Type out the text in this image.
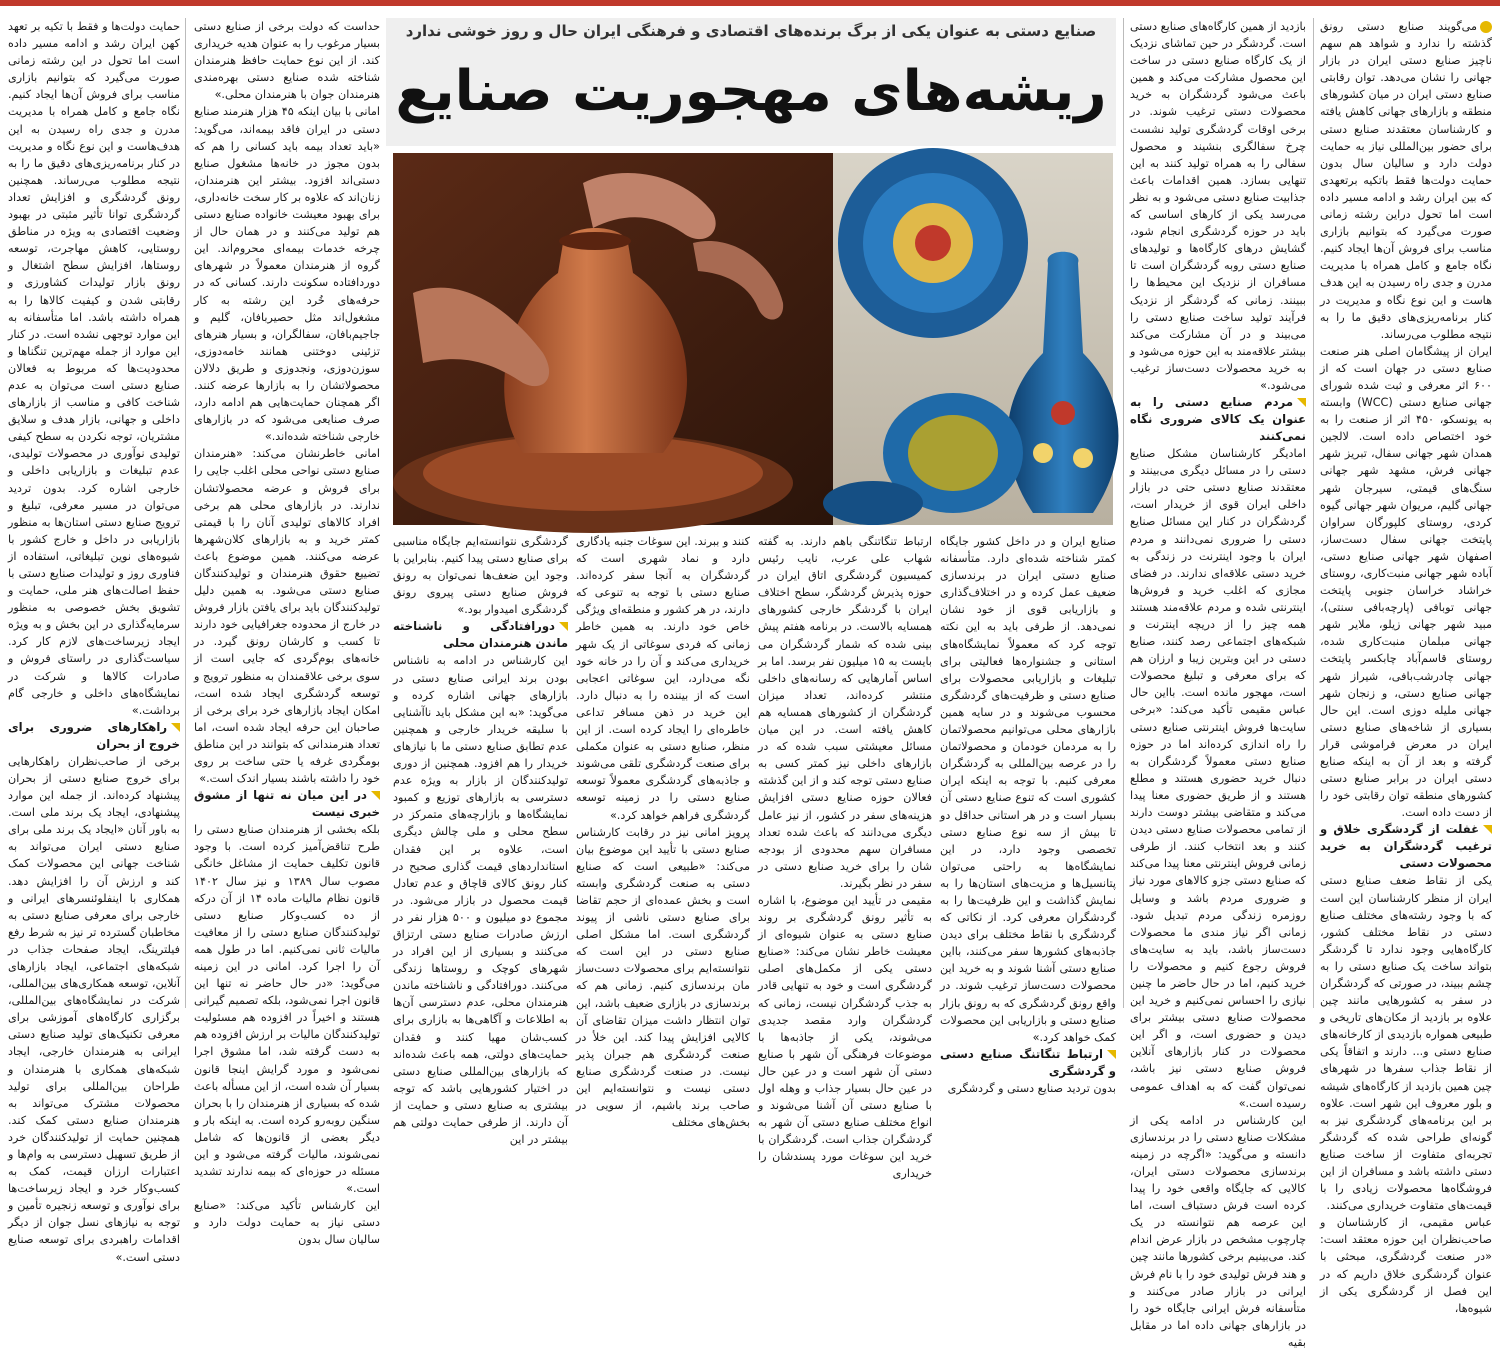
صنایع دستی به عنوان یکی از برگ برنده‌های اقتصادی و فرهنگی ایران حال و روز خوشی ندارد
ریشه‌های مهجوریت صنایع

می‌گویند صنایع دستی رونق گذشته را ندارد و شواهد هم سهم ناچیز صنایع دستی ایران در بازار جهانی را نشان می‌دهد. توان رقابتی صنایع دستی ایران در میان کشورهای منطقه و بازارهای جهانی کاهش یافته و کارشناسان معتقدند صنایع دستی برای حضور بین‌المللی نیاز به حمایت دولت دارد و سالیان سال بدون حمایت دولت‌ها فقط باتکیه برتعهدی که بین ایران رشد و ادامه مسیر داده است اما تحول دراین رشته زمانی صورت می‌گیرد که بتوانیم بازاری مناسب برای فروش آن‌ها ایجاد کنیم. نگاه جامع و کامل همراه با مدیریت مدرن و جدی راه رسیدن به این هدف هاست و این نوع نگاه و مدیریت در کنار برنامه‌ریزی‌های دقیق ما را به نتیجه مطلوب می‌رساند.

ایران از پیشگامان اصلی هنر صنعت صنایع دستی در جهان است که از ۶۰۰ اثر معرفی و ثبت شده شورای جهانی صنایع دستی (WCC) وابسته به یونسکو، ۴۵۰ اثر از صنعت را به خود اختصاص داده است. لالجین همدان شهر جهانی سفال، تبریز شهر جهانی فرش، مشهد شهر جهانی سنگ‌های قیمتی، سیرجان شهر جهانی گلیم، مریوان شهر جهانی گیوه کردی، روستای کلپورگان سراوان پایتخت جهانی سفال دست‌ساز، اصفهان شهر جهانی صنایع دستی، آباده شهر جهانی منبت‌کاری، روستای خراشاد خراسان جنوبی پایتخت جهانی توبافی (پارچه‌بافی سنتی)، مبید شهر جهانی زیلو، ملایر شهر جهانی مبلمان منبت‌کاری شده، روستای قاسم‌آباد چابکسر پایتخت جهانی چادرشب‌بافی، شیراز شهر جهانی صنایع دستی، و زنجان شهر جهانی ملیله دوزی است. این حال بسیاری از شاخه‌های صنایع دستی ایران در معرض فراموشی قرار گرفته و بعد از آن به اینکه صنایع دستی ایران در برابر صنایع دستی کشورهای منطقه توان رقابتی خود را از دست داده است.

غفلت از گردشگری خلاق و ترغیب گردشگران به خرید محصولات دستی

یکی از نقاط ضعف صنایع دستی ایران از منظر کارشناسان این است که با وجود رشته‌های مختلف صنایع دستی در نقاط مختلف کشور، کارگاه‌هایی وجود ندارد تا گردشگر بتواند ساخت یک صنایع دستی را به چشم ببیند، در صورتی که گردشگران در سفر به کشورهایی مانند چین علاوه بر بازدید از مکان‌های تاریخی و طبیعی همواره بازدیدی از کارخانه‌های صنایع دستی و... دارند و اتفاقاً یکی از نقاط جذاب سفرها در شهرهای چین همین بازدید از کارگاه‌های شیشه و بلور معروف این شهر است. علاوه بر این برنامه‌های گردشگری نیز به گونه‌ای طراحی شده که گردشگر تجربه‌ای متفاوت از ساخت صنایع دستی داشته باشد و مسافران از این فروشگاه‌ها محصولات زیادی را با قیمت‌های متفاوت خریداری می‌کنند.

عباس مقیمی، از کارشناسان و صاحب‌نظران این حوزه معتقد است: «در صنعت گردشگری، مبحثی با عنوان گردشگری خلاق داریم که در این فصل از گردشگری یکی از شیوه‌ها،

بازدید از همین کارگاه‌های صنایع دستی است. گردشگر در حین تماشای نزدیک از یک کارگاه صنایع دستی در ساخت این محصول مشارکت می‌کند و همین باعث می‌شود گردشگران به خرید محصولات دستی ترغیب شوند. در برخی اوقات گردشگری تولید نشست چرخ سفالگری بنشیند و محصول سفالی را به همراه تولید کنند به این تنهایی بسازد. همین اقدامات باعث جذابیت صنایع دستی می‌شود و به نظر می‌رسد یکی از کارهای اساسی که باید در حوزه گردشگری انجام شود، گشایش درهای کارگاه‌ها و تولیدهای صنایع دستی روبه گردشگران است تا مسافران از نزدیک این محیط‌ها را ببینند. زمانی که گردشگر از نزدیک فرآیند تولید ساخت صنایع دستی را می‌بیند و در آن مشارکت می‌کند بیشتر علاقه‌مند به این حوزه می‌شود و به خرید محصولات دست‌ساز ترغیب می‌شود.»

مردم صنایع دستی را به عنوان یک کالای ضروری نگاه نمی‌کنند

امادیگر کارشناسان مشکل صنایع دستی را در مسائل دیگری می‌بینند و معتقدند صنایع دستی حتی در بازار داخلی ایران قوی از خریدار است، گردشگران در کنار این مسائل صنایع دستی را ضروری نمی‌دانند و مردم ایران با وجود اینترنت در زندگی به خرید دستی علاقه‌ای ندارند. در فضای مجازی که اغلب خرید و فروش‌ها اینترنتی شده و مردم علاقه‌مند هستند همه چیز را از دریچه اینترنت و شبکه‌های اجتماعی رصد کنند، صنایع دستی در این وبترین زیبا و ارزان هم که برای معرفی و تبلیغ محصولات است، مهجور مانده است. بااین حال عباس مقیمی تأکید می‌کند: «برخی سایت‌ها فروش اینترنتی صنایع دستی را راه اندازی کرده‌اند اما در حوزه صنایع دستی معمولاً گردشگران به دنبال خرید حضوری هستند و مطلع هستند و از طریق حضوری معنا پیدا می‌کند و متقاضی بیشتر دوست دارند از تمامی محصولات صنایع دستی دیدن کنند و بعد انتخاب کنند. از طرفی زمانی فروش اینترنتی معنا پیدا می‌کند که صنایع دستی جزو کالاهای مورد نیاز و ضروری مردم باشد و وسایل روزمره زندگی مردم تبدیل شود. زمانی اگر نیاز مندی ما محصولات دست‌ساز باشد، باید به سایت‌های فروش رجوع کنیم و محصولات را خرید کنیم، اما در حال حاضر ما چنین نیازی را احساس نمی‌کنیم و خرید این محصولات صنایع دستی بیشتر برای دیدن و حضوری است، و اگر این محصولات در کنار بازارهای آنلاین فروش صنایع دستی نیز باشد، نمی‌توان گفت که به اهداف عمومی رسیده است.»

این کارشناس در ادامه یکی از مشکلات صنایع دستی را در برندسازی دانسته و می‌گوید: «اگرچه در زمینه برندسازی محصولات دستی ایران، کالایی که جایگاه واقعی خود را پیدا کرده است فرش دستباف است، اما این عرصه هم نتوانسته در یک چارچوب مشخص در بازار عرض اندام کند. می‌بینیم برخی کشورها مانند چین و هند فرش تولیدی خود را با نام فرش ایرانی در بازار صادر می‌کنند و متأسفانه فرش ایرانی جایگاه خود را در بازارهای جهانی داده اما در مقابل بقیه

صنایع ایران و در داخل کشور جایگاه کمتر شناخته شده‌ای دارد. متأسفانه صنایع دستی ایران در برندسازی ضعیف عمل کرده و در اختلاف‌گذاری و بازاریابی قوی از خود نشان نمی‌دهد. از طرفی باید به این نکته توجه کرد که معمولاً نمایشگاه‌های استانی و جشنواره‌ها فعالیتی برای تبلیغات و بازاریابی محصولات برای صنایع دستی و ظرفیت‌های گردشگری محسوب می‌شوند و در سایه همین بازارهای محلی می‌توانیم محصولاتمان را به مردمان خودمان و محصولاتمان را در عرصه بین‌المللی به گردشگران معرفی کنیم. با توجه به اینکه ایران کشوری است که تنوع صنایع دستی آن بسیار است و در هر استانی حداقل دو تا بیش از سه نوع صنایع دستی تخصصی وجود دارد، در این نمایشگاه‌ها به راحتی می‌توان پتانسیل‌ها و مزیت‌های استان‌ها را به نمایش گذاشت و این ظرفیت‌ها را به گردشگران معرفی کرد. از نکاتی که گردشگری با نقاط مختلف برای دیدن جاذبه‌های کشورها سفر می‌کنند، بااین صنایع دستی آشنا شوند و به خرید این محصولات دست‌ساز ترغیب شوند. در واقع رونق گردشگری که به رونق بازار صنایع دستی و بازاریابی این محصولات کمک خواهد کرد.»

ارتباط تنگاتنگ صنایع دستی و گردشگری

بدون تردید صنایع دستی و گردشگری

ارتباط تنگاتنگی باهم دارند. به گفته شهاب علی عرب، نایب رئیس کمیسیون گردشگری اتاق ایران در حوزه پذیرش گردشگر، سطح اختلاف ایران با گردشگر خارجی کشورهای همسایه بالاست. در برنامه هفتم پیش بینی شده که شمار گردشگران می بایست به ۱۵ میلیون نفر برسد. اما بر اساس آمارهایی که رسانه‌های داخلی منتشر کرده‌اند، تعداد میزان گردشگران از کشورهای همسایه هم کاهش یافته است. در این میان مسائل معیشتی سبب شده که در بازارهای داخلی نیز کمتر کسی به صنایع دستی توجه کند و از این گذشته فعالان حوزه صنایع دستی افزایش هزینه‌های سفر در کشور، از نیز عامل دیگری می‌دانند که باعث شده تعداد مسافران سهم محدودی از بودجه شان را برای خرید صنایع دستی در سفر در نظر بگیرند.

مقیمی در تأیید این موضوع، با اشاره به تأثیر رونق گردشگری بر روند صنایع دستی به عنوان شیوه‌ای از معیشت خاطر نشان می‌کند: «صنایع دستی یکی از مکمل‌های اصلی گردشگری است و خود به تنهایی قادر به جذب گردشگران نیست، زمانی که گردشگران وارد مقصد جدیدی می‌شوند، یکی از جاذبه‌ها با موضوعات فرهنگی آن شهر با صنایع دستی آن شهر است و در عین حال در عین حال بسیار جذاب و وهله اول با صنایع دستی آن آشنا می‌شوند و انواع مختلف صنایع دستی آن شهر به گردشگران جذاب است. گردشگران با خرید این سوغات مورد پسندشان را خریداری

کنند و ببرند. این سوغات جنبه یادگاری دارد و نماد شهری است که گردشگران به آنجا سفر کرده‌اند. صنایع دستی با توجه به تنوعی که دارند، در هر کشور و منطقه‌ای ویژگی خاص خود دارند. به همین خاطر زمانی که فردی سوغاتی از یک شهر خریداری می‌کند و آن را در خانه خود نگه می‌دارد، این سوغاتی اعجابی است که از بیننده را به دنبال دارد. این خرید در ذهن مسافر تداعی خاطره‌ای را ایجاد کرده است. از این منظر، صنایع دستی به عنوان مکملی برای صنعت گردشگری تلقی می‌شوند و جاذبه‌های گردشگری معمولاً توسعه صنایع دستی را در زمینه توسعه گردشگری فراهم خواهد کرد.»

پرویز امانی نیز در رقابت کارشناس صنایع دستی با تأیید این موضوع بیان می‌کند: «طبیعی است که صنایع دستی به صنعت گردشگری وابسته است و بخش عمده‌ای از حجم تقاضا برای صنایع دستی ناشی از پیوند گردشگری است. اما مشکل اصلی صنایع دستی در این است که نتوانسته‌ایم برای محصولات دست‌ساز مان برندسازی کنیم. زمانی هم که برندسازی در بازاری ضعیف باشد، این توان انتظار داشت میزان تقاضای آن کالایی افزایش پیدا کند. این خلأ در صنعت گردشگری هم جبران پذیر نیست. در صنعت گردشگری صنایع دستی نیست و نتوانسته‌ایم این صاحب برند باشیم، از سویی در بخش‌های مختلف

گردشگری نتوانسته‌ایم جایگاه مناسبی برای صنایع دستی پیدا کنیم. بنابراین با وجود این ضعف‌ها نمی‌توان به رونق فروش صنایع دستی پیروی رونق گردشگری امیدوار بود.»

دورافتادگی و ناشناخته ماندن هنرمندان محلی

این کارشناس در ادامه به ناشناس بودن برند ایرانی صنایع دستی در بازارهای جهانی اشاره کرده و می‌گوید: «به این مشکل باید ناآشنایی با سلیقه خریدار خارجی و همچنین عدم تطابق صنایع دستی ما با نیازهای خریدار را هم افزود. همچنین از دوری تولیدکنندگان از بازار به ویژه عدم دسترسی به بازارهای توزیع و کمبود نمایشگاه‌ها و بازارچه‌های متمرکز در سطح محلی و ملی چالش دیگری است، علاوه بر این فقدان استانداردهای قیمت گذاری صحیح در کنار رونق کالای قاچاق و عدم تعادل قیمت محصول در بازار می‌شود. در مجموع دو میلیون و ۵۰۰ هزار نفر در ارزش صادرات صنایع دستی ارتزاق می‌کنند و بسیاری از این افراد در شهرهای کوچک و روستاها زندگی می‌کنند. دورافتادگی و ناشناخته ماندن هنرمندان محلی، عدم دسترسی آن‌ها به اطلاعات و آگاهی‌ها به بازاری برای کسب‌شان مهیا کنند و فقدان حمایت‌های دولتی، همه باعث شده‌اند که بازارهای بین‌المللی صنایع دستی در اختیار کشورهایی باشد که توجه بیشتری به صنایع دستی و حمایت از آن دارند. از طرفی حمایت دولتی هم بیشتر در این

حداست که دولت برخی از صنایع دستی بسیار مرغوب را به عنوان هدیه خریداری کند. از این نوع حمایت حافظ هنرمندان شناخته شده صنایع دستی بهره‌مندی هنرمندان جوان با هنرمندان محلی.»

امانی با بیان اینکه ۴۵ هزار هنرمند صنایع دستی در ایران فاقد بیمه‌اند، می‌گوید: «باید تعداد بیمه باید کسانی را هم که بدون مجوز در خانه‌ها مشغول صنایع دستی‌اند افزود. بیشتر این هنرمندان، زنان‌اند که علاوه بر کار سخت خانه‌داری، برای بهبود معیشت خانواده صنایع دستی هم تولید می‌کنند و در همان حال از چرخه خدمات بیمه‌ای محروم‌اند. این گروه از هنرمندان معمولاً در شهرهای دوردافتاده سکونت دارند. کسانی که در حرفه‌های خُرد این رشته به کار مشغول‌اند مثل حصیربافان، گلیم و جاجیم‌بافان، سفالگران، و بسیار هنرهای تزئینی دوختنی همانند خامه‌دوزی، سوزن‌دوزی، ونجدوزی و طریق دلالان محصولاتشان را به بازارها عرضه کنند. اگر همچنان حمایت‌هایی هم ادامه دارد، صرف صنایعی می‌شود که در بازارهای خارجی شناخته شده‌اند.»

امانی خاطرنشان می‌کند: «هنرمندان صنایع دستی نواحی محلی اغلب جایی را برای فروش و عرضه محصولاتشان ندارند. در بازارهای محلی هم برخی افراد کالاهای تولیدی آنان را با قیمتی کمتر خرید و به بازارهای کلان‌شهرها عرضه می‌کنند. همین موضوع باعث تضییع حقوق هنرمندان و تولیدکنندگان صنایع دستی می‌شود. به همین دلیل تولیدکنندگان باید برای یافتن بازار فروش در خارج از محدوده جغرافیایی خود دارند تا کسب و کارشان رونق گیرد. در خانه‌های بوم‌گردی که جایی است از سوی برخی علاقمندان به منظور ترویج و توسعه گردشگری ایجاد شده است، امکان ایجاد بازارهای خرد برای برخی از صاحبان این حرفه ایجاد شده است، اما تعداد هنرمندانی که بتوانند در این مناطق بومگردی غرفه یا حتی ساخت بر روی خود را داشته باشند بسیار اندک است.»

در این میان نه تنها از مشوق خبری نیست

بلکه بخشی از هنرمندان صنایع دستی را طرح تناقض‌آمیز کرده است. با وجود قانون تکلیف حمایت از مشاغل خانگی مصوب سال ۱۳۸۹ و نیز سال ۱۴۰۲ قانون نظام مالیات ماده ۱۴ از آن درکه از ده کسب‌وکار صنایع دستی تولیدکنندگان صنایع دستی را از معافیت مالیات ثانی نمی‌کنیم. اما در طول همه آن را اجرا کرد. امانی در این زمینه می‌گوید: «در حال حاضر نه تنها این قانون اجرا نمی‌شود، بلکه تصمیم گیرانی هستند و اخیراً در افزوده هم مسئولیت تولیدکنندگان مالیات بر ارزش افزوده هم به دست گرفته شد، اما مشوق اجرا نمی‌شود و مورد گرایش اینجا قانون بسیار آن شده است، از این مسأله باعث شده که بسیاری از هنرمندان را با بحران سنگین روبه‌رو کرده است. به اینکه بار و دیگر بعضی از قانون‌ها که شامل نمی‌شوند، مالیات گرفته می‌شود و این مسئله در حوزه‌ای که بیمه ندارند تشدید است.»

این کارشناس تأکید می‌کند: «صنایع دستی نیاز به حمایت دولت دارد و سالیان سال بدون

حمایت دولت‌ها و فقط با تکیه بر تعهد کهن ایران رشد و ادامه مسیر داده است اما تحول در این رشته زمانی صورت می‌گیرد که بتوانیم بازاری مناسب برای فروش آن‌ها ایجاد کنیم. نگاه جامع و کامل همراه با مدیریت مدرن و جدی راه رسیدن به این هدف‌هاست و این نوع نگاه و مدیریت در کنار برنامه‌ریزی‌های دقیق ما را به نتیجه مطلوب می‌رساند. همچنین رونق گردشگری و افزایش تعداد گردشگری توانا تأثیر مثبتی در بهبود وضعیت اقتصادی به ویژه در مناطق روستایی، کاهش مهاجرت، توسعه روستاها، افزایش سطح اشتغال و رونق بازار تولیدات کشاورزی و رقابتی شدن و کیفیت کالاها را به همراه داشته باشد. اما متأسفانه به این موارد توجهی نشده است. در کنار این موارد از جمله مهم‌ترین تنگناها و محدودیت‌ها که مربوط به فعالان صنایع دستی است می‌توان به عدم شناخت کافی و مناسب از بازارهای داخلی و جهانی، بازار هدف و سلایق مشتریان، توجه نکردن به سطح کیفی تولیدی نوآوری در محصولات تولیدی، عدم تبلیغات و بازاریابی داخلی و خارجی اشاره کرد. بدون تردید می‌توان در مسیر معرفی، تبلیغ و ترویج صنایع دستی استان‌ها به منظور بازاریابی در داخل و خارج کشور با شیوه‌های نوین تبلیغاتی، استفاده از فناوری روز و تولیدات صنایع دستی با حفظ اصالت‌های هنر ملی، حمایت و تشویق بخش خصوصی به منظور سرمایه‌گذاری در این بخش و به ویژه ایجاد زیرساخت‌های لازم کار کرد. سیاست‌گذاری در راستای فروش و صادرات کالاها و شرکت در نمایشگاه‌های داخلی و خارجی گام برداشت.»

راهکارهای ضروری برای خروج از بحران

برخی از صاحب‌نظران راهکارهایی برای خروج صنایع دستی از بحران پیشنهاد کرده‌اند. از جمله این موارد پیشنهادی، ایجاد یک برند ملی است. به باور آنان «ایجاد یک برند ملی برای صنایع دستی ایران می‌تواند به شناخت جهانی این محصولات کمک کند و ارزش آن را افزایش دهد. همکاری با اینفلوئنسرهای ایرانی و خارجی برای معرفی صنایع دستی به مخاطبان گسترده تر نیز به شرط رفع فیلترینگ، ایجاد صفحات جذاب در شبکه‌های اجتماعی، ایجاد بازارهای آنلاین، توسعه همکاری‌های بین‌المللی، شرکت در نمایشگاه‌های بین‌المللی، برگزاری کارگاه‌های آموزشی برای معرفی تکنیک‌های تولید صنایع دستی ایرانی به هنرمندان خارجی، ایجاد شبکه‌های همکاری با هنرمندان و طراحان بین‌المللی برای تولید محصولات مشترک می‌تواند به هنرمندان صنایع دستی کمک کند. همچنین حمایت از تولیدکنندگان خرد از طریق تسهیل دسترسی به وام‌ها و اعتبارات ارزان قیمت، کمک به کسب‌وکار خرد و ایجاد زیرساخت‌ها برای نوآوری و توسعه زنجیره تأمین و توجه به نیازهای نسل جوان از دیگر اقدامات راهبردی برای توسعه صنایع دستی است.»
